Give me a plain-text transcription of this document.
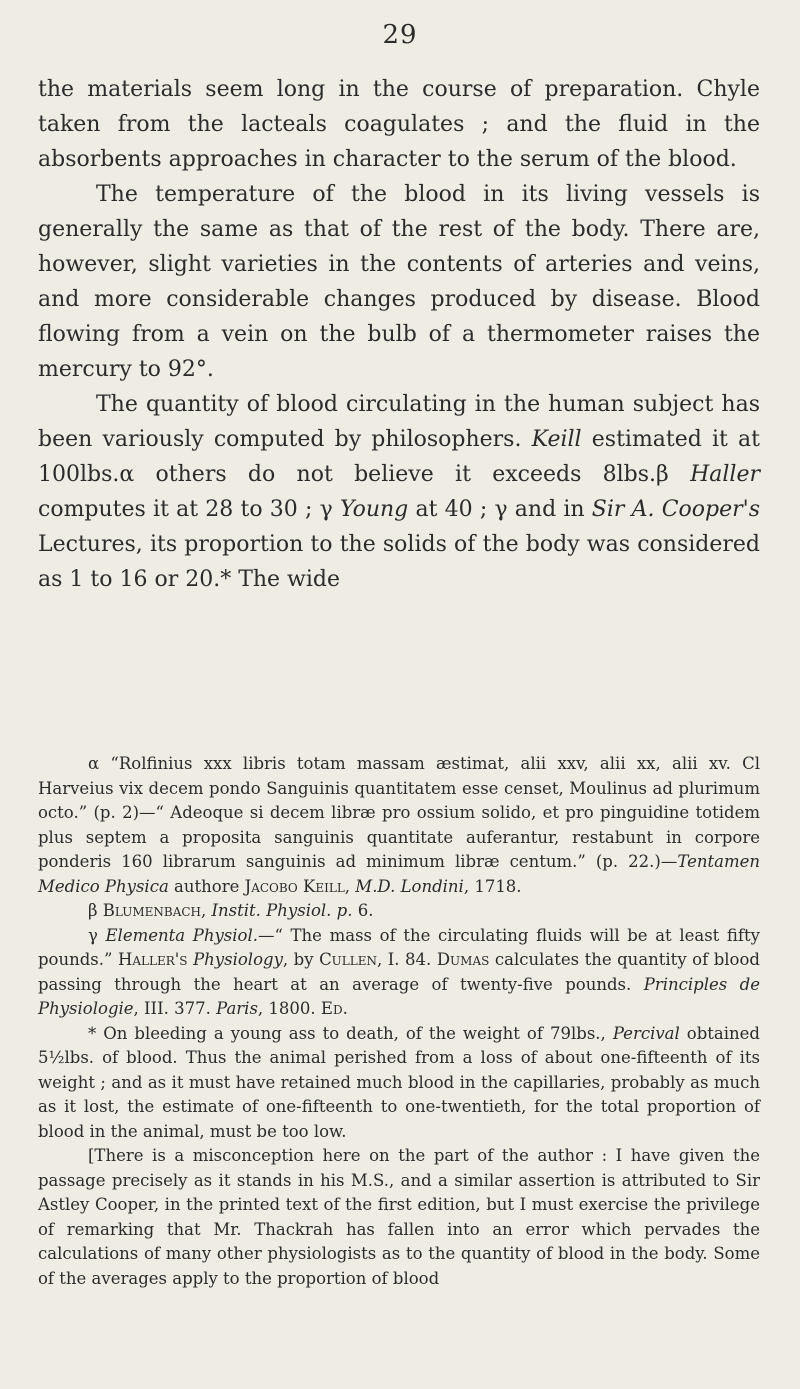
29

the materials seem long in the course of preparation. Chyle taken from the lacteals coagulates ; and the fluid in the absorbents approaches in character to the serum of the blood.

The temperature of the blood in its living vessels is generally the same as that of the rest of the body. There are, however, slight varieties in the contents of arteries and veins, and more considerable changes produced by disease. Blood flowing from a vein on the bulb of a thermometer raises the mercury to 92°.

The quantity of blood circulating in the human subject has been variously computed by philosophers. Keill estimated it at 100lbs.α others do not believe it exceeds 8lbs.β Haller computes it at 28 to 30 ; γ Young at 40 ; γ and in Sir A. Cooper's Lectures, its proportion to the solids of the body was considered as 1 to 16 or 20.* The wide

α “Rolfinius xxx libris totam massam æstimat, alii xxv, alii xx, alii xv. Cl Harveius vix decem pondo Sanguinis quantitatem esse censet, Moulinus ad plurimum octo.” (p. 2)—“ Adeoque si decem libræ pro ossium solido, et pro pinguidine totidem plus septem a proposita sanguinis quantitate auferantur, restabunt in corpore ponderis 160 librarum sanguinis ad minimum libræ centum.” (p. 22.)—Tentamen Medico Physica authore Jacobo Keill, M.D. Londini, 1718.

β Blumenbach, Instit. Physiol. p. 6.

γ Elementa Physiol.—“ The mass of the circulating fluids will be at least fifty pounds.” Haller's Physiology, by Cullen, I. 84. Dumas calculates the quantity of blood passing through the heart at an average of twenty-five pounds. Principles de Physiologie, III. 377. Paris, 1800. Ed.

* On bleeding a young ass to death, of the weight of 79lbs., Percival obtained 5½lbs. of blood. Thus the animal perished from a loss of about one-fifteenth of its weight ; and as it must have retained much blood in the capillaries, probably as much as it lost, the estimate of one-fifteenth to one-twentieth, for the total proportion of blood in the animal, must be too low.

[There is a misconception here on the part of the author : I have given the passage precisely as it stands in his M.S., and a similar assertion is attributed to Sir Astley Cooper, in the printed text of the first edition, but I must exercise the privilege of remarking that Mr. Thackrah has fallen into an error which pervades the calculations of many other physiologists as to the quantity of blood in the body. Some of the averages apply to the proportion of blood
